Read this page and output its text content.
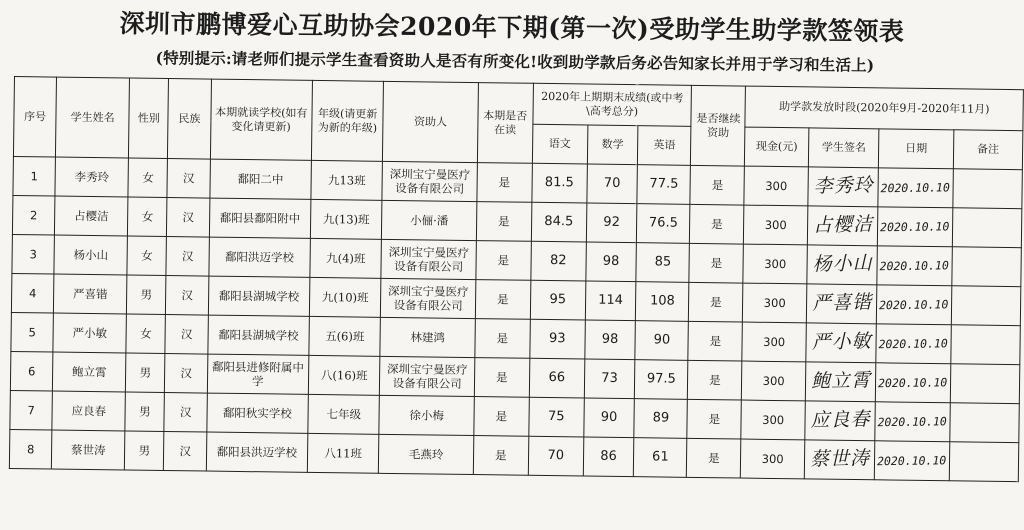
深圳市鹏博爱心互助协会2020年下期(第一次)受助学生助学款签领表
(特别提示:请老师们提示学生查看资助人是否有所变化!收到助学款后务必告知家长并用于学习和生活上)
序号	学生姓名	性别	民族	本期就读学校(如有变化请更新)	年级(请更新为新的年级)	资助人	本期是否在读	2020年上期期末成绩(或中考\高考总分)			是否继续资助	助学款发放时段(2020年9月-2020年11月)			
								语文	数学	英语		现金(元)	学生签名	日期	备注
1	李秀玲	女	汉	鄱阳二中	九13班	深圳宝宁曼医疗设备有限公司	是	81.5	70	77.5	是	300	李秀玲	2020.10.10	
2	占樱洁	女	汉	鄱阳县鄱阳附中	九(13)班	小俪·潘	是	84.5	92	76.5	是	300	占樱洁	2020.10.10	
3	杨小山	女	汉	鄱阳洪迈学校	九(4)班	深圳宝宁曼医疗设备有限公司	是	82	98	85	是	300	杨小山	2020.10.10	
4	严喜锴	男	汉	鄱阳县湖城学校	九(10)班	深圳宝宁曼医疗设备有限公司	是	95	114	108	是	300	严喜锴	2020.10.10	
5	严小敏	女	汉	鄱阳县湖城学校	五(6)班	林建鸿	是	93	98	90	是	300	严小敏	2020.10.10	
6	鲍立霄	男	汉	鄱阳县进修附属中学	八(16)班	深圳宝宁曼医疗设备有限公司	是	66	73	97.5	是	300	鲍立霄	2020.10.10	
7	应良春	男	汉	鄱阳秋实学校	七年级	徐小梅	是	75	90	89	是	300	应良春	2020.10.10	
8	蔡世涛	男	汉	鄱阳县洪迈学校	八11班	毛燕玲	是	70	86	61	是	300	蔡世涛	2020.10.10	
